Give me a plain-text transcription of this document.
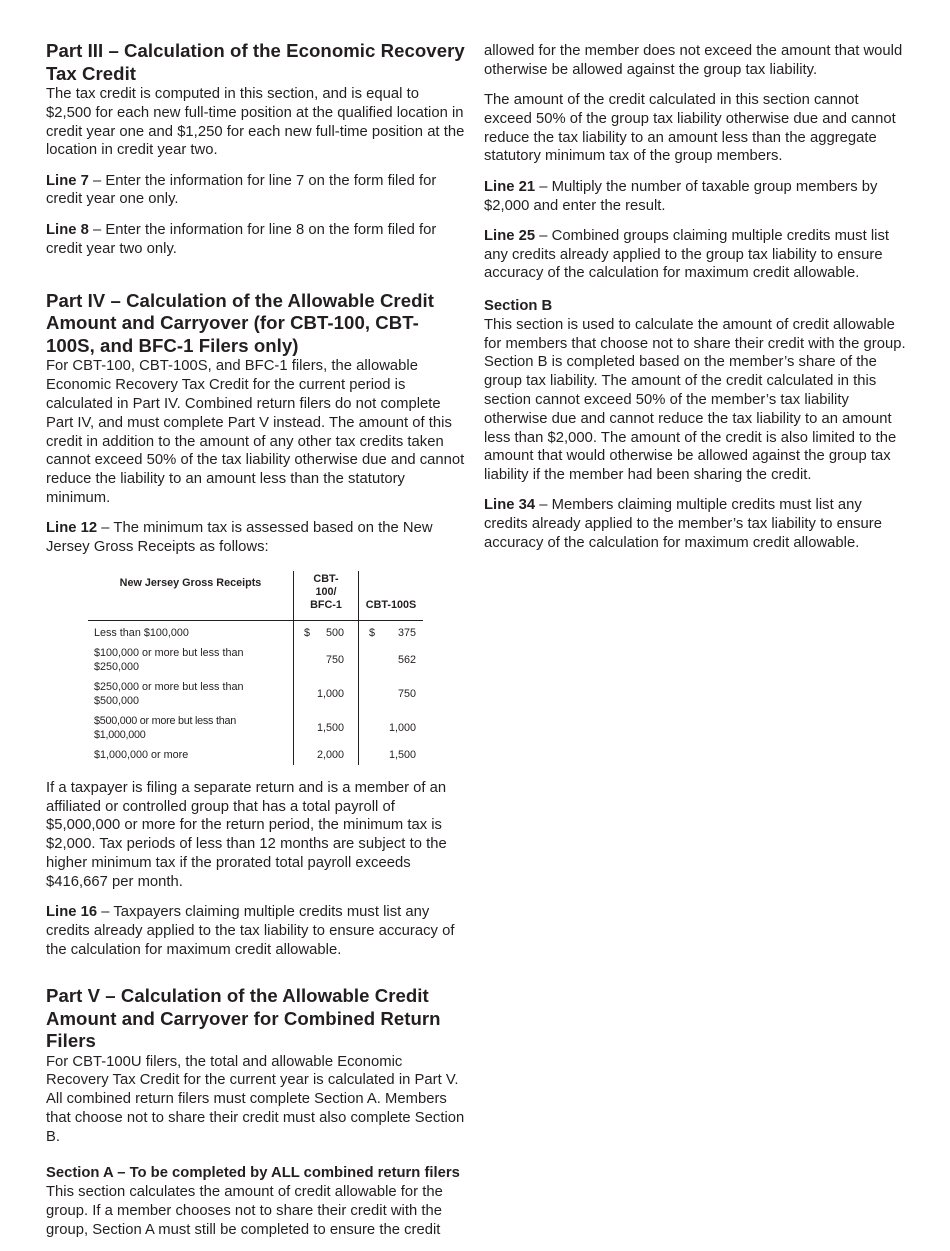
Part III – Calculation of the Economic Recovery Tax Credit

The tax credit is computed in this section, and is equal to $2,500 for each new full-time position at the qualified location in credit year one and $1,250 for each new full-time position at the location in credit year two.

Line 7 – Enter the information for line 7 on the form filed for credit year one only.

Line 8 – Enter the information for line 8 on the form filed for credit year two only.

Part IV – Calculation of the Allowable Credit Amount and Carryover (for CBT-100, CBT-100S, and BFC-1 Filers only)

For CBT-100, CBT-100S, and BFC-1 filers, the allowable Economic Recovery Tax Credit for the current period is calculated in Part IV. Combined return filers do not complete Part IV, and must complete Part V instead. The amount of this credit in addition to the amount of any other tax credits taken cannot exceed 50% of the tax liability otherwise due and cannot reduce the liability to an amount less than the statutory minimum.

Line 12 – The minimum tax is assessed based on the New Jersey Gross Receipts as follows:

New Jersey Gross Receipts	CBT-100/ BFC-1	CBT-100S
Less than $100,000	$ 500	$ 375
$100,000 or more but less than $250,000	750	562
$250,000 or more but less than $500,000	1,000	750
$500,000 or more but less than $1,000,000	1,500	1,000
$1,000,000 or more	2,000	1,500

If a taxpayer is filing a separate return and is a member of an affiliated or controlled group that has a total payroll of $5,000,000 or more for the return period, the minimum tax is $2,000. Tax periods of less than 12 months are subject to the higher minimum tax if the prorated total payroll exceeds $416,667 per month.

Line 16 – Taxpayers claiming multiple credits must list any credits already applied to the tax liability to ensure accuracy of the calculation for maximum credit allowable.

Part V – Calculation of the Allowable Credit Amount and Carryover for Combined Return Filers

For CBT-100U filers, the total and allowable Economic Recovery Tax Credit for the current year is calculated in Part V. All combined return filers must complete Section A. Members that choose not to share their credit must also complete Section B.

Section A – To be completed by ALL combined return filers

This section calculates the amount of credit allowable for the group. If a member chooses not to share their credit with the group, Section A must still be completed to ensure the credit

allowed for the member does not exceed the amount that would otherwise be allowed against the group tax liability.

The amount of the credit calculated in this section cannot exceed 50% of the group tax liability otherwise due and cannot reduce the tax liability to an amount less than the aggregate statutory minimum tax of the group members.

Line 21 – Multiply the number of taxable group members by $2,000 and enter the result.

Line 25 – Combined groups claiming multiple credits must list any credits already applied to the group tax liability to ensure accuracy of the calculation for maximum credit allowable.

Section B

This section is used to calculate the amount of credit allowable for members that choose not to share their credit with the group. Section B is completed based on the member’s share of the group tax liability. The amount of the credit calculated in this section cannot exceed 50% of the member’s tax liability otherwise due and cannot reduce the tax liability to an amount less than $2,000. The amount of the credit is also limited to the amount that would otherwise be allowed against the group tax liability if the member had been sharing the credit.

Line 34 – Members claiming multiple credits must list any credits already applied to the member’s tax liability to ensure accuracy of the calculation for maximum credit allowable.
